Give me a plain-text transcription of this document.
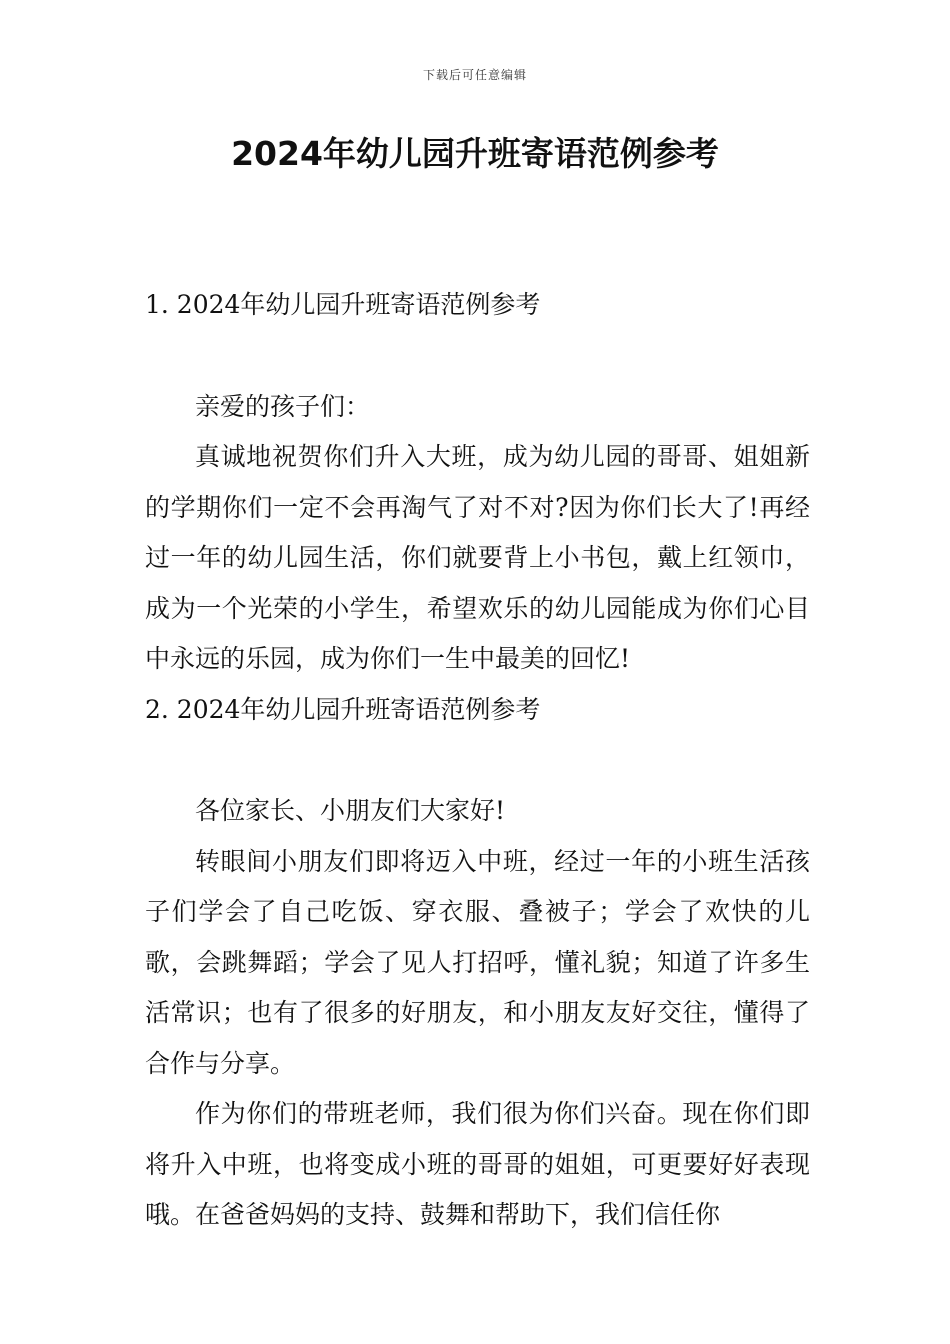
下载后可任意编辑
2024年幼儿园升班寄语范例参考
1. 2024年幼儿园升班寄语范例参考

亲爱的孩子们：

真诚地祝贺你们升入大班，成为幼儿园的哥哥、姐姐新的学期你们一定不会再淘气了对不对?因为你们长大了!再经过一年的幼儿园生活，你们就要背上小书包，戴上红领巾，成为一个光荣的小学生，希望欢乐的幼儿园能成为你们心目中永远的乐园，成为你们一生中最美的回忆!

2. 2024年幼儿园升班寄语范例参考

各位家长、小朋友们大家好!

转眼间小朋友们即将迈入中班，经过一年的小班生活孩子们学会了自己吃饭、穿衣服、叠被子；学会了欢快的儿歌，会跳舞蹈；学会了见人打招呼，懂礼貌；知道了许多生活常识；也有了很多的好朋友，和小朋友友好交往，懂得了合作与分享。

作为你们的带班老师，我们很为你们兴奋。现在你们即将升入中班，也将变成小班的哥哥的姐姐，可更要好好表现哦。在爸爸妈妈的支持、鼓舞和帮助下，我们信任你
